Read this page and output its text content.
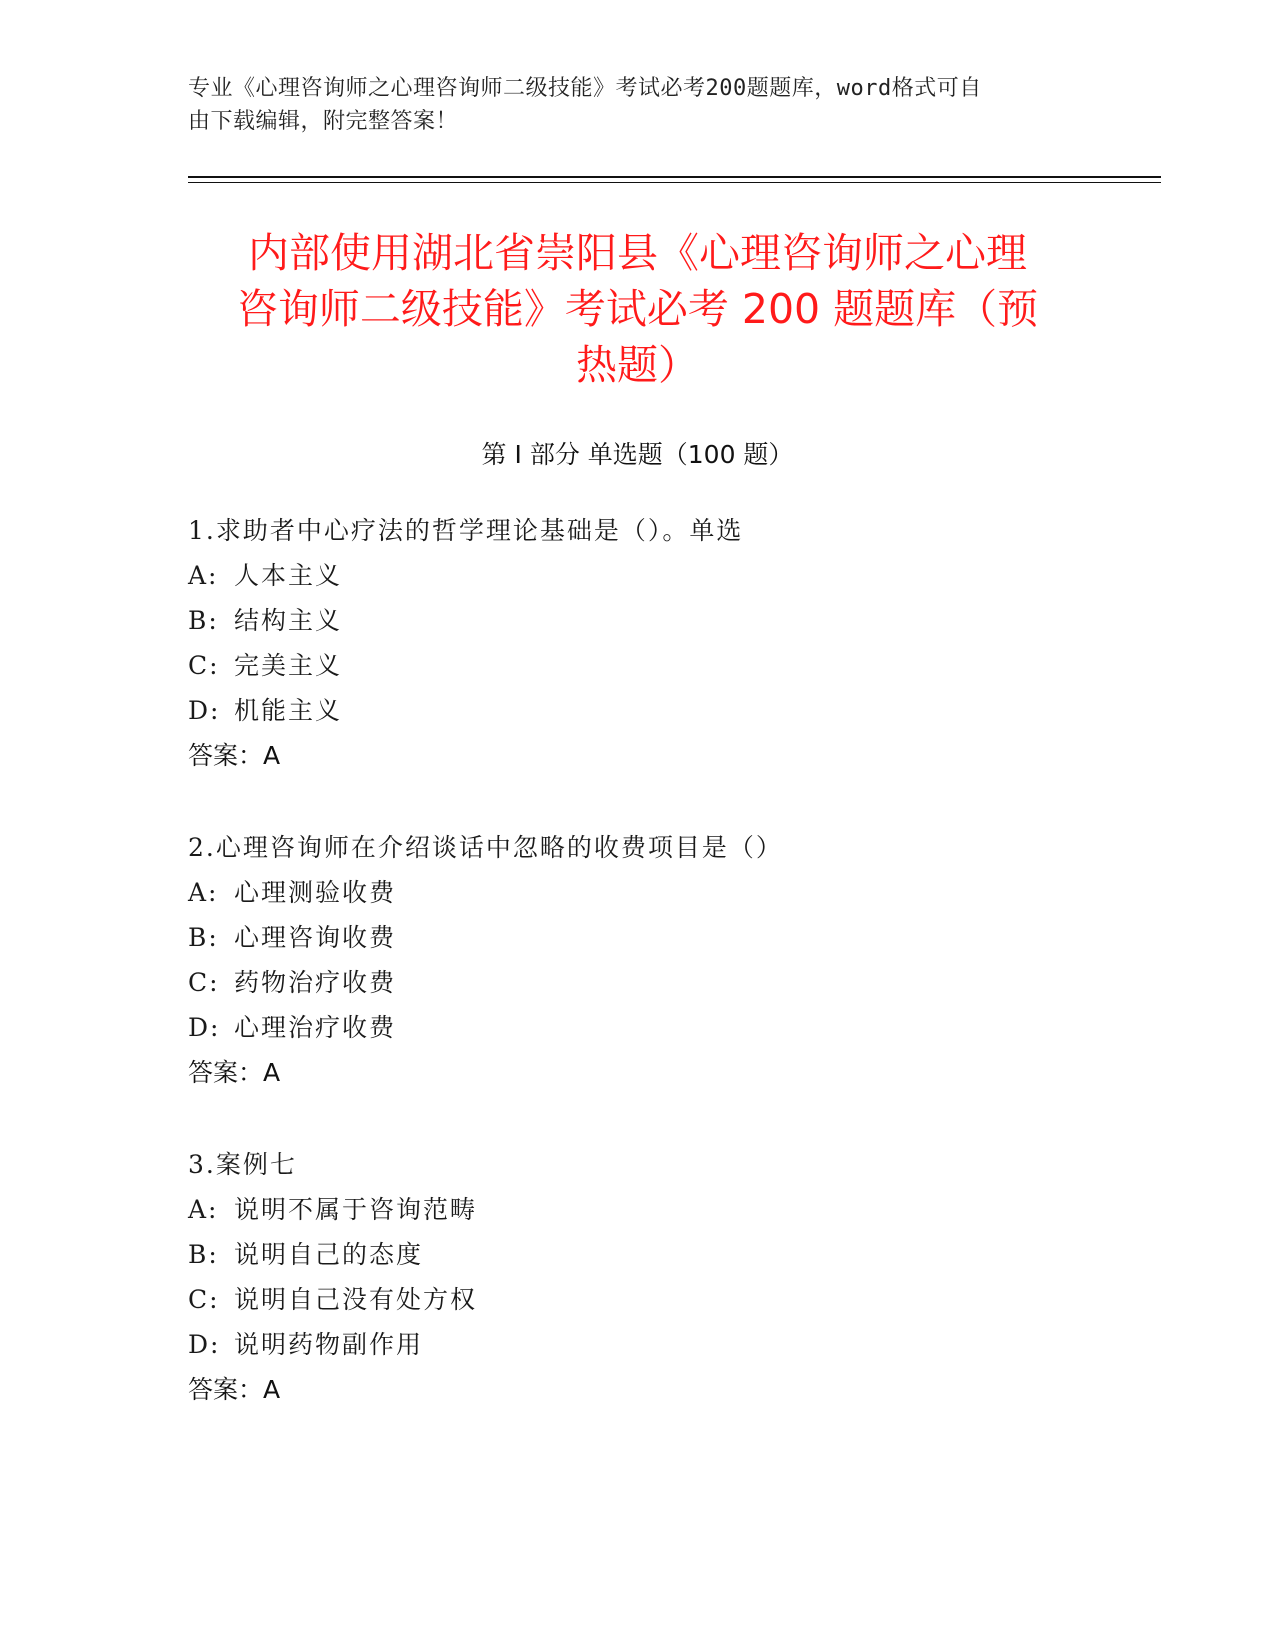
专业《心理咨询师之心理咨询师二级技能》考试必考200题题库，word格式可自
由下载编辑，附完整答案！
内部使用湖北省崇阳县《心理咨询师之心理
咨询师二级技能》考试必考 200 题题库（预
热题）
第 I 部分 单选题（100 题）
1.求助者中心疗法的哲学理论基础是（）。单选
A: 人本主义
B: 结构主义
C: 完美主义
D: 机能主义
答案：A
2.心理咨询师在介绍谈话中忽略的收费项目是（）
A: 心理测验收费
B: 心理咨询收费
C: 药物治疗收费
D: 心理治疗收费
答案：A
3.案例七
A: 说明不属于咨询范畴
B: 说明自己的态度
C: 说明自己没有处方权
D: 说明药物副作用
答案：A
